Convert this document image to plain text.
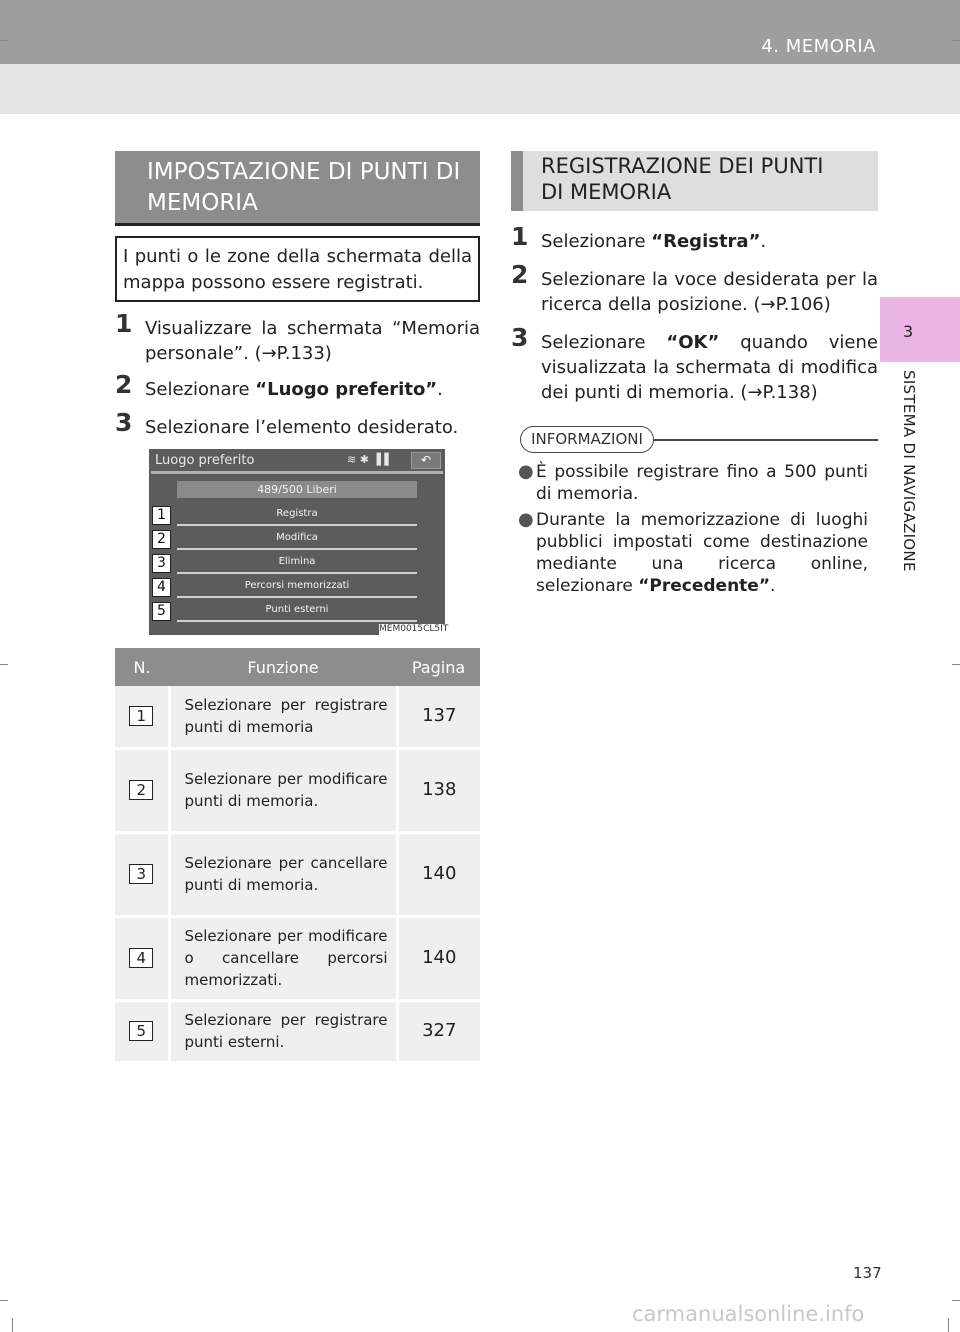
4. MEMORIA
3
SISTEMA DI NAVIGAZIONE
IMPOSTAZIONE DI PUNTI DI
MEMORIA
I punti o le zone della schermata della mappa possono essere registrati.
1 Visualizzare la schermata “Memoria personale”. (→P.133)
2 Selezionare “Luogo preferito”.
3 Selezionare l’elemento desiderato.
Luogo preferito	≋ ✱ ▐ ▌	↶
489/500 Liberi
Registra
Modifica
Elimina
Percorsi memorizzati
Punti esterni
1
2
3
4
5
MEM0015CL5IT
N.	Funzione	Pagina
1	Selezionare per registrare punti di memoria	137
2	Selezionare per modificare punti di memoria.	138
3	Selezionare per cancellare punti di memoria.	140
4	Selezionare per modificare o cancellare percorsi memorizzati.	140
5	Selezionare per registrare punti esterni.	327
REGISTRAZIONE DEI PUNTI
DI MEMORIA
1 Selezionare “Registra”.
2 Selezionare la voce desiderata per la ricerca della posizione. (→P.106)
3 Selezionare “OK” quando viene visualizzata la schermata di modifica dei punti di memoria. (→P.138)
INFORMAZIONI
● È possibile registrare fino a 500 punti di memoria.
● Durante la memorizzazione di luoghi pubblici impostati come destinazione mediante una ricerca online, selezionare “Precedente”.
137
carmanualsonline.info
